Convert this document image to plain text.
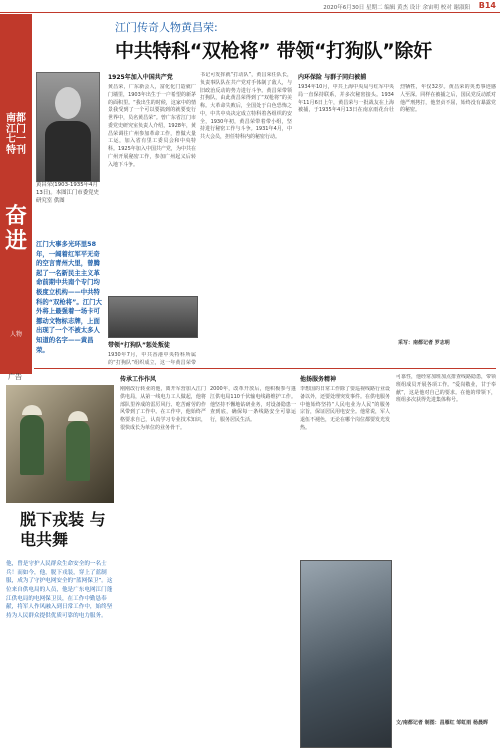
2020年6月30日 星期二 编辑 黄杰 设计 余宙明 校对 谢淑阳 B14
南都江门七一特刊
奋进
人物
江门传奇人物黄昌荣:
中共特科“双枪将” 带领“打狗队”除奸
黄昌荣(1903-1935年4月13日)。本图江门市委党史研究室 供图
江门大事多光环里58年，一阔着红军平无奇的空言青州大里，曾腾起了一名新民主主义革命前期中共南个专门均极度立机构——中共特科的“双枪将”。江门大外将上最强着一场卡可挪动文物标志牌，上面出现了一个不被太多人知道的名字——黄昌荣。
1925年加入中国共产党
黄昌荣，广东新会人，富化化门造就广门墙里，1903年出生于一户希望的新茅的面积里。“我出生的时候，这家中的情景我受到了一个可以要搞到的就要变行世界中，员名黄昌荣”。曾广东省江门市委党史研究室负责人介绍，1928年，黄昌荣调往广州参加革命工作，曾做大量工运，加入省有里工委员会和中央特科。1925年加入中国共产党，为中共在广州开展秘密工作，参加广州起义后转入地下斗争。
带领“打狗队”惩处叛徒
1930年7月，中共香港中央特科所属的“打狗队”组织成立，这一年黄昌荣带
书记可发挥就“打动队”，黄昌荣任队长，负责事队队在共产党对手体制了敌人，与旧政治反动的势力进行斗争。黄昌荣带领打狗队，由此黄昌荣得到了“双枪将”的美称。大革命失败后，全国处于白色恐怖之中，中共中央决定成立特科着各组织的安全，1930年初，黄昌荣带着带小组，坚持进行秘密工作与斗争。1931年4月，中共大会员，担任特科内的秘密行动。
内环保险 与群子同归被捕
1934年10月，中共上海中央局与红军中央局一直保持联系，并多次秘密接头。1934年11月6日上午，黄昌荣与一批战友在上海被捕，于1935年4月13日在南京雨花台壮烈牺牲，年仅32岁。黄昌荣的英勇事迹感人至深。同样在被捕之后，国民党反动派对他严刑拷打，他坚贞不屈，始终没有暴露党的秘密。
采写：南都记者 罗志明
广告
脱下戎装 与电共舞
他，曾是守护人民群众生命安全的一名士兵！而如今，他，脱下戎装，穿上了蓝制服，成为了守护电网安全的“蓝网保卫”。这位来自供电局的人员，他是广东电网江门蓬江供电局的电网保卫员，在工作中勤恳奉献，将军人作风融入到日常工作中，始终坚持为人民群众提供优质可靠的电力服务。
传承工作作风
刚刚改行转业的他，离开军营加入江门供电局，从第一线电力工人做起，他将部队里养成的雷厉风行、吃苦耐劳的作风带到了工作中。在工作中，他始终严格要求自己，认真学习专业技术知识，很快成长为单位的业务骨干。
2000年，改革开放后，他积极参与蓬江供电局110千伏输电线路维护工作。他坚持不懈地钻研业务，对设备隐患一查到底，确保每一条线路安全可靠运行，服务居民生活。
他扬服务精神
李想国的日常工作除了要巡视线路行业设备以外，还要处理突发事件。在供电服务中他始终坚持“人民电业为人民”的服务宗旨，保证居民用电安全。他常说，军人退伍不褪色，无论在哪个岗位都要发光发热。
可靠性，他经常加班加点排查线路隐患，带领班组成员开展各项工作。“爱岗敬业，甘于奉献”，这是他对自己的要求。在他的带领下，班组多次获得先进集体称号。
文/南都记者 制图：昌雁红 邹虹雨 杨晨晖
